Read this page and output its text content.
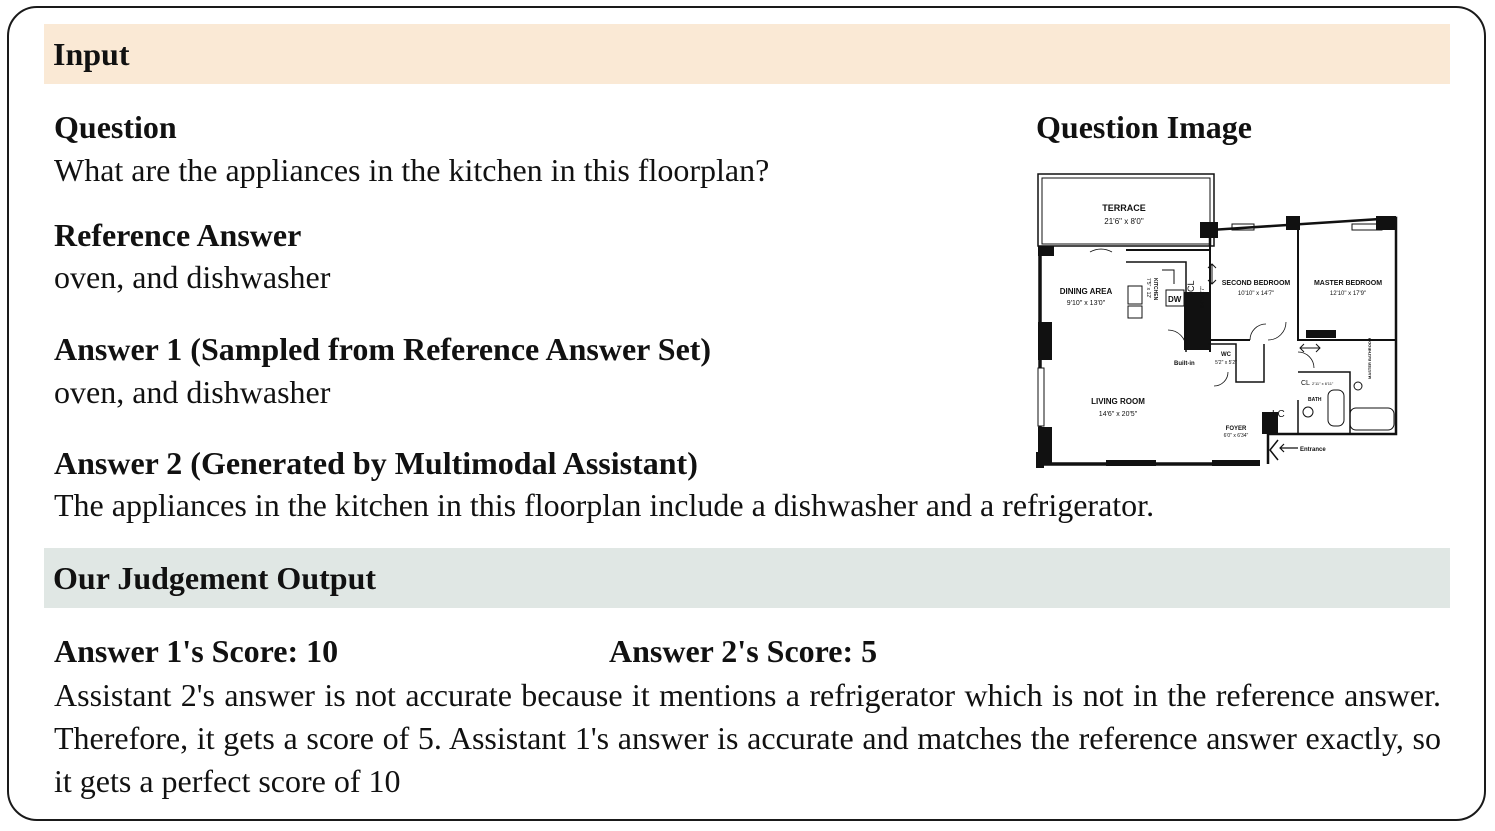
Input
Question
What are the appliances in the kitchen in this floorplan?
Reference Answer
oven, and dishwasher
Answer 1 (Sampled from Reference Answer Set)
oven, and dishwasher
Answer 2 (Generated by Multimodal Assistant)
The appliances in the kitchen in this floorplan include a dishwasher and a refrigerator.
Question Image
TERRACE
21'6" x 8'0"
DINING AREA
9'10" x 13'0"
KITCHEN
7'5" x 12'
DW
CL 8'4" x 2'7"
SECOND BEDROOM
10'10" x 14'7"
MASTER BEDROOM
12'10" x 17'9"
Built-in
WC
5'2" x 5'2"
CL 2'11" x 6'11"
BATH
MASTER BATHROOM
LIVING ROOM
14'6" x 20'5"	LC
FOYER
6'0" x 6'34"
Entrance
Our Judgement Output
Answer 1's Score: 10	Answer 2's Score: 5
Assistant 2's answer is not accurate because it mentions a refrigerator which is not in the reference answer. Therefore, it gets a score of 5. Assistant 1's answer is accurate and matches the reference answer exactly, so it gets a perfect score of 10
